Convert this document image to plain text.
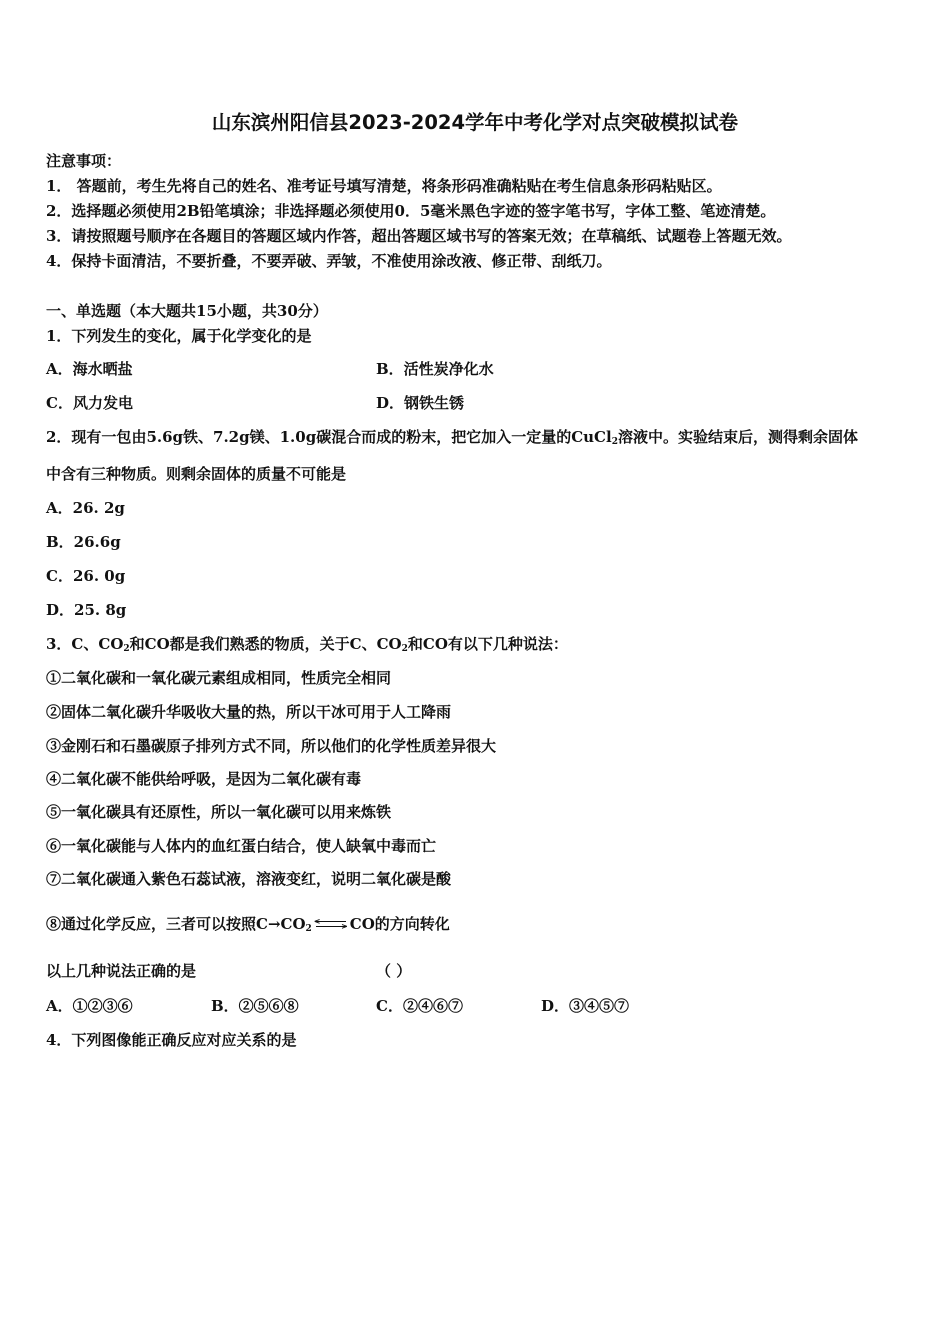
山东滨州阳信县2023-2024学年中考化学对点突破模拟试卷
注意事项：
1． 答题前，考生先将自己的姓名、准考证号填写清楚，将条形码准确粘贴在考生信息条形码粘贴区。
2．选择题必须使用2B铅笔填涂；非选择题必须使用0．5毫米黑色字迹的签字笔书写，字体工整、笔迹清楚。
3．请按照题号顺序在各题目的答题区域内作答，超出答题区域书写的答案无效；在草稿纸、试题卷上答题无效。
4．保持卡面清洁，不要折叠，不要弄破、弄皱，不准使用涂改液、修正带、刮纸刀。
一、单选题（本大题共15小题，共30分）
1．下列发生的变化，属于化学变化的是
A．海水晒盐	B．活性炭净化水
C．风力发电	D．钢铁生锈
2．现有一包由5.6g铁、7.2g镁、1.0g碳混合而成的粉末，把它加入一定量的CuCl$_2$溶液中。实验结束后，测得剩余固体
中含有三种物质。则剩余固体的质量不可能是
A．26. 2g
B．26.6g
C．26. 0g
D．25. 8g
3．C、$CO_2$和CO都是我们熟悉的物质，关于C、$CO_2$和CO有以下几种说法：
①二氧化碳和一氧化碳元素组成相同，性质完全相同
②固体二氧化碳升华吸收大量的热，所以干冰可用于人工降雨
③金刚石和石墨碳原子排列方式不同，所以他们的化学性质差异很大
④二氧化碳不能供给呼吸，是因为二氧化碳有毒
⑤一氧化碳具有还原性，所以一氧化碳可以用来炼铁
⑥一氧化碳能与人体内的血红蛋白结合，使人缺氧中毒而亡
⑦二氧化碳通入紫色石蕊试液，溶液变红，说明二氧化碳是酸
⑧通过化学反应，三者可以按照$C\to CO_2$
<	> CO的方向转化
以上几种说法正确的是	（ ）
A．①②③⑥	B．②⑤⑥⑧	C．②④⑥⑦	D．③④⑤⑦
4．下列图像能正确反应对应关系的是
